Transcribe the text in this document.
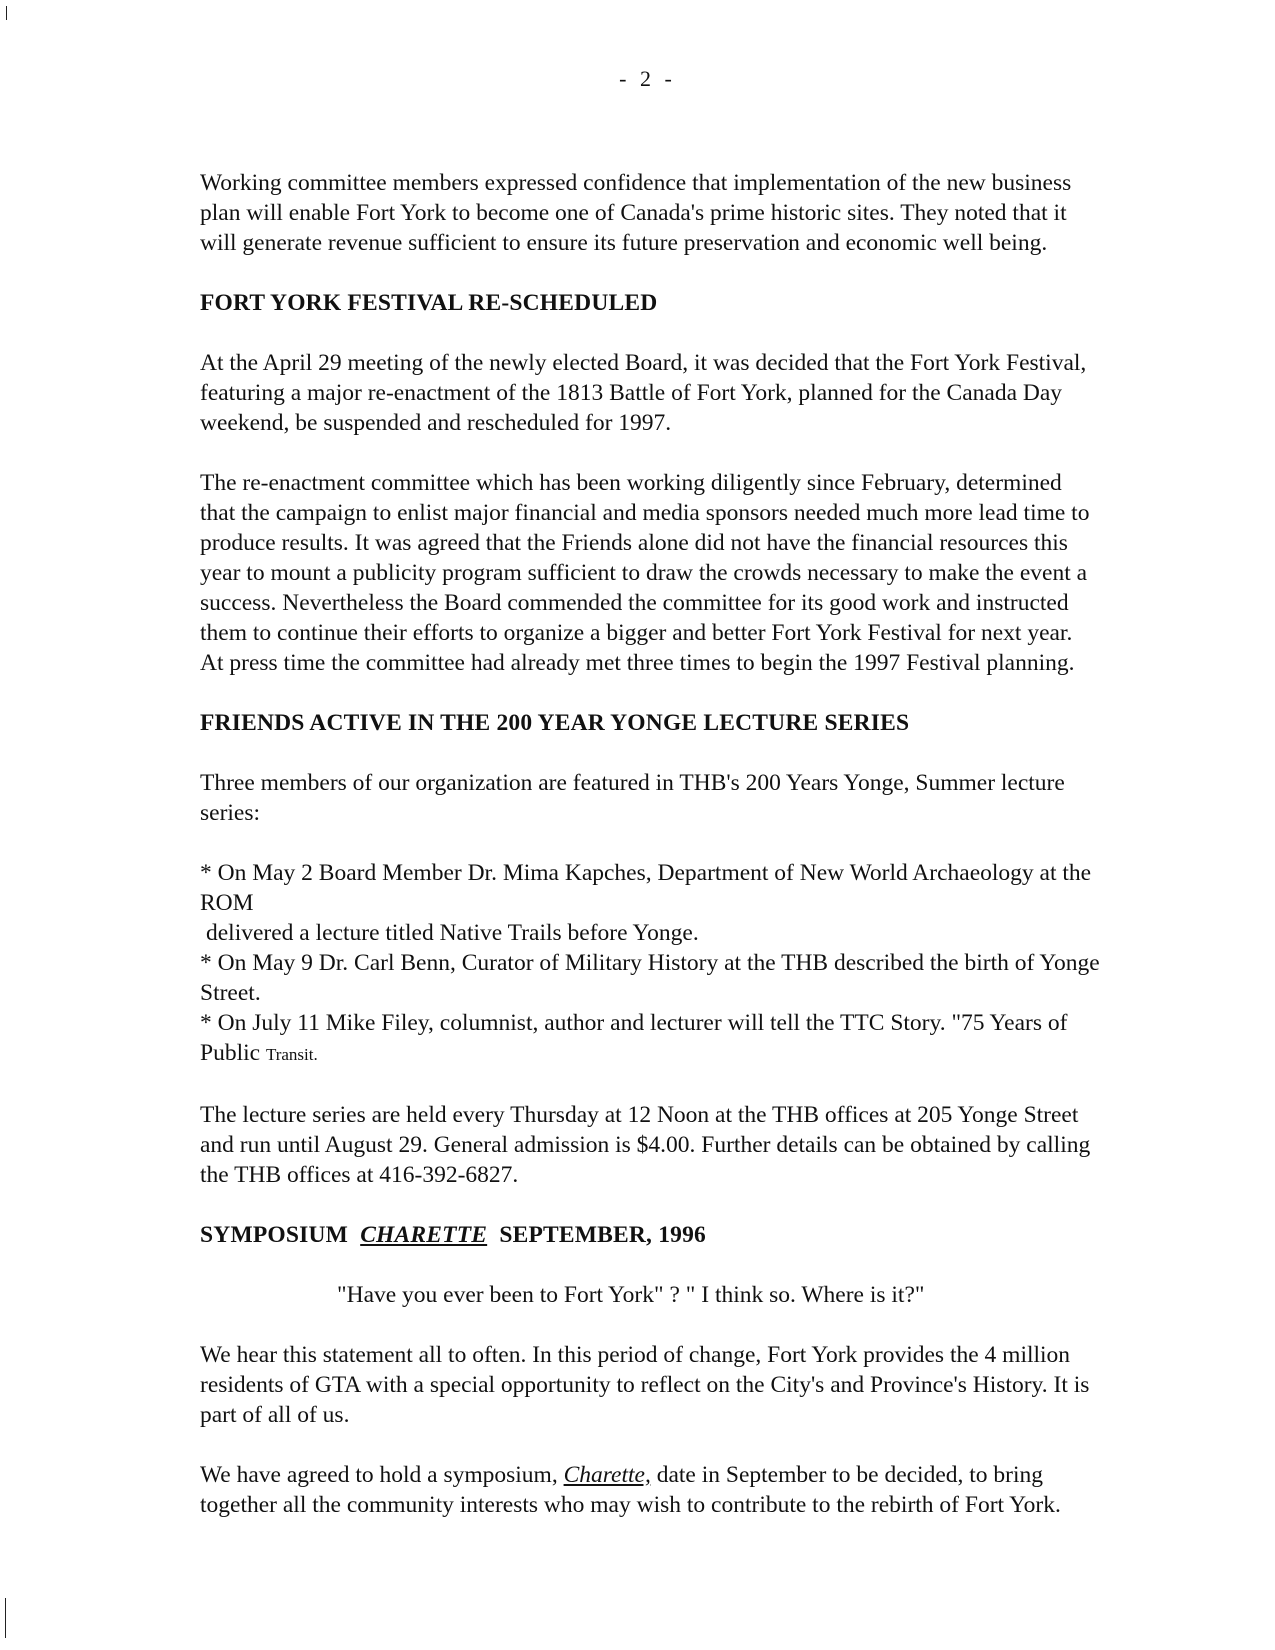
- 2 -

Working committee members expressed confidence that implementation of the new business plan will enable Fort York to become one of Canada's prime historic sites. They noted that it will generate revenue sufficient to ensure its future preservation and economic well being.

FORT YORK FESTIVAL RE-SCHEDULED

At the April 29 meeting of the newly elected Board, it was decided that the Fort York Festival, featuring a major re-enactment of the 1813 Battle of Fort York, planned for the Canada Day weekend, be suspended and rescheduled for 1997.

The re-enactment committee which has been working diligently since February, determined that the campaign to enlist major financial and media sponsors needed much more lead time to produce results. It was agreed that the Friends alone did not have the financial resources this year to mount a publicity program sufficient to draw the crowds necessary to make the event a success. Nevertheless the Board commended the committee for its good work and instructed them to continue their efforts to organize a bigger and better Fort York Festival for next year. At press time the committee had already met three times to begin the 1997 Festival planning.

FRIENDS ACTIVE IN THE 200 YEAR YONGE LECTURE SERIES

Three members of our organization are featured in THB's 200 Years Yonge, Summer lecture series:

* On May 2 Board Member Dr. Mima Kapches, Department of New World Archaeology at the ROM

delivered a lecture titled Native Trails before Yonge.

* On May 9 Dr. Carl Benn, Curator of Military History at the THB described the birth of Yonge Street.

* On July 11 Mike Filey, columnist, author and lecturer will tell the TTC Story. "75 Years of Public Transit.

The lecture series are held every Thursday at 12 Noon at the THB offices at 205 Yonge Street and run until August 29. General admission is $4.00. Further details can be obtained by calling the THB offices at 416-392-6827.

SYMPOSIUM CHARETTE SEPTEMBER, 1996

"Have you ever been to Fort York" ? " I think so. Where is it?"

We hear this statement all to often. In this period of change, Fort York provides the 4 million residents of GTA with a special opportunity to reflect on the City's and Province's History. It is part of all of us.

We have agreed to hold a symposium, Charette, date in September to be decided, to bring together all the community interests who may wish to contribute to the rebirth of Fort York.
